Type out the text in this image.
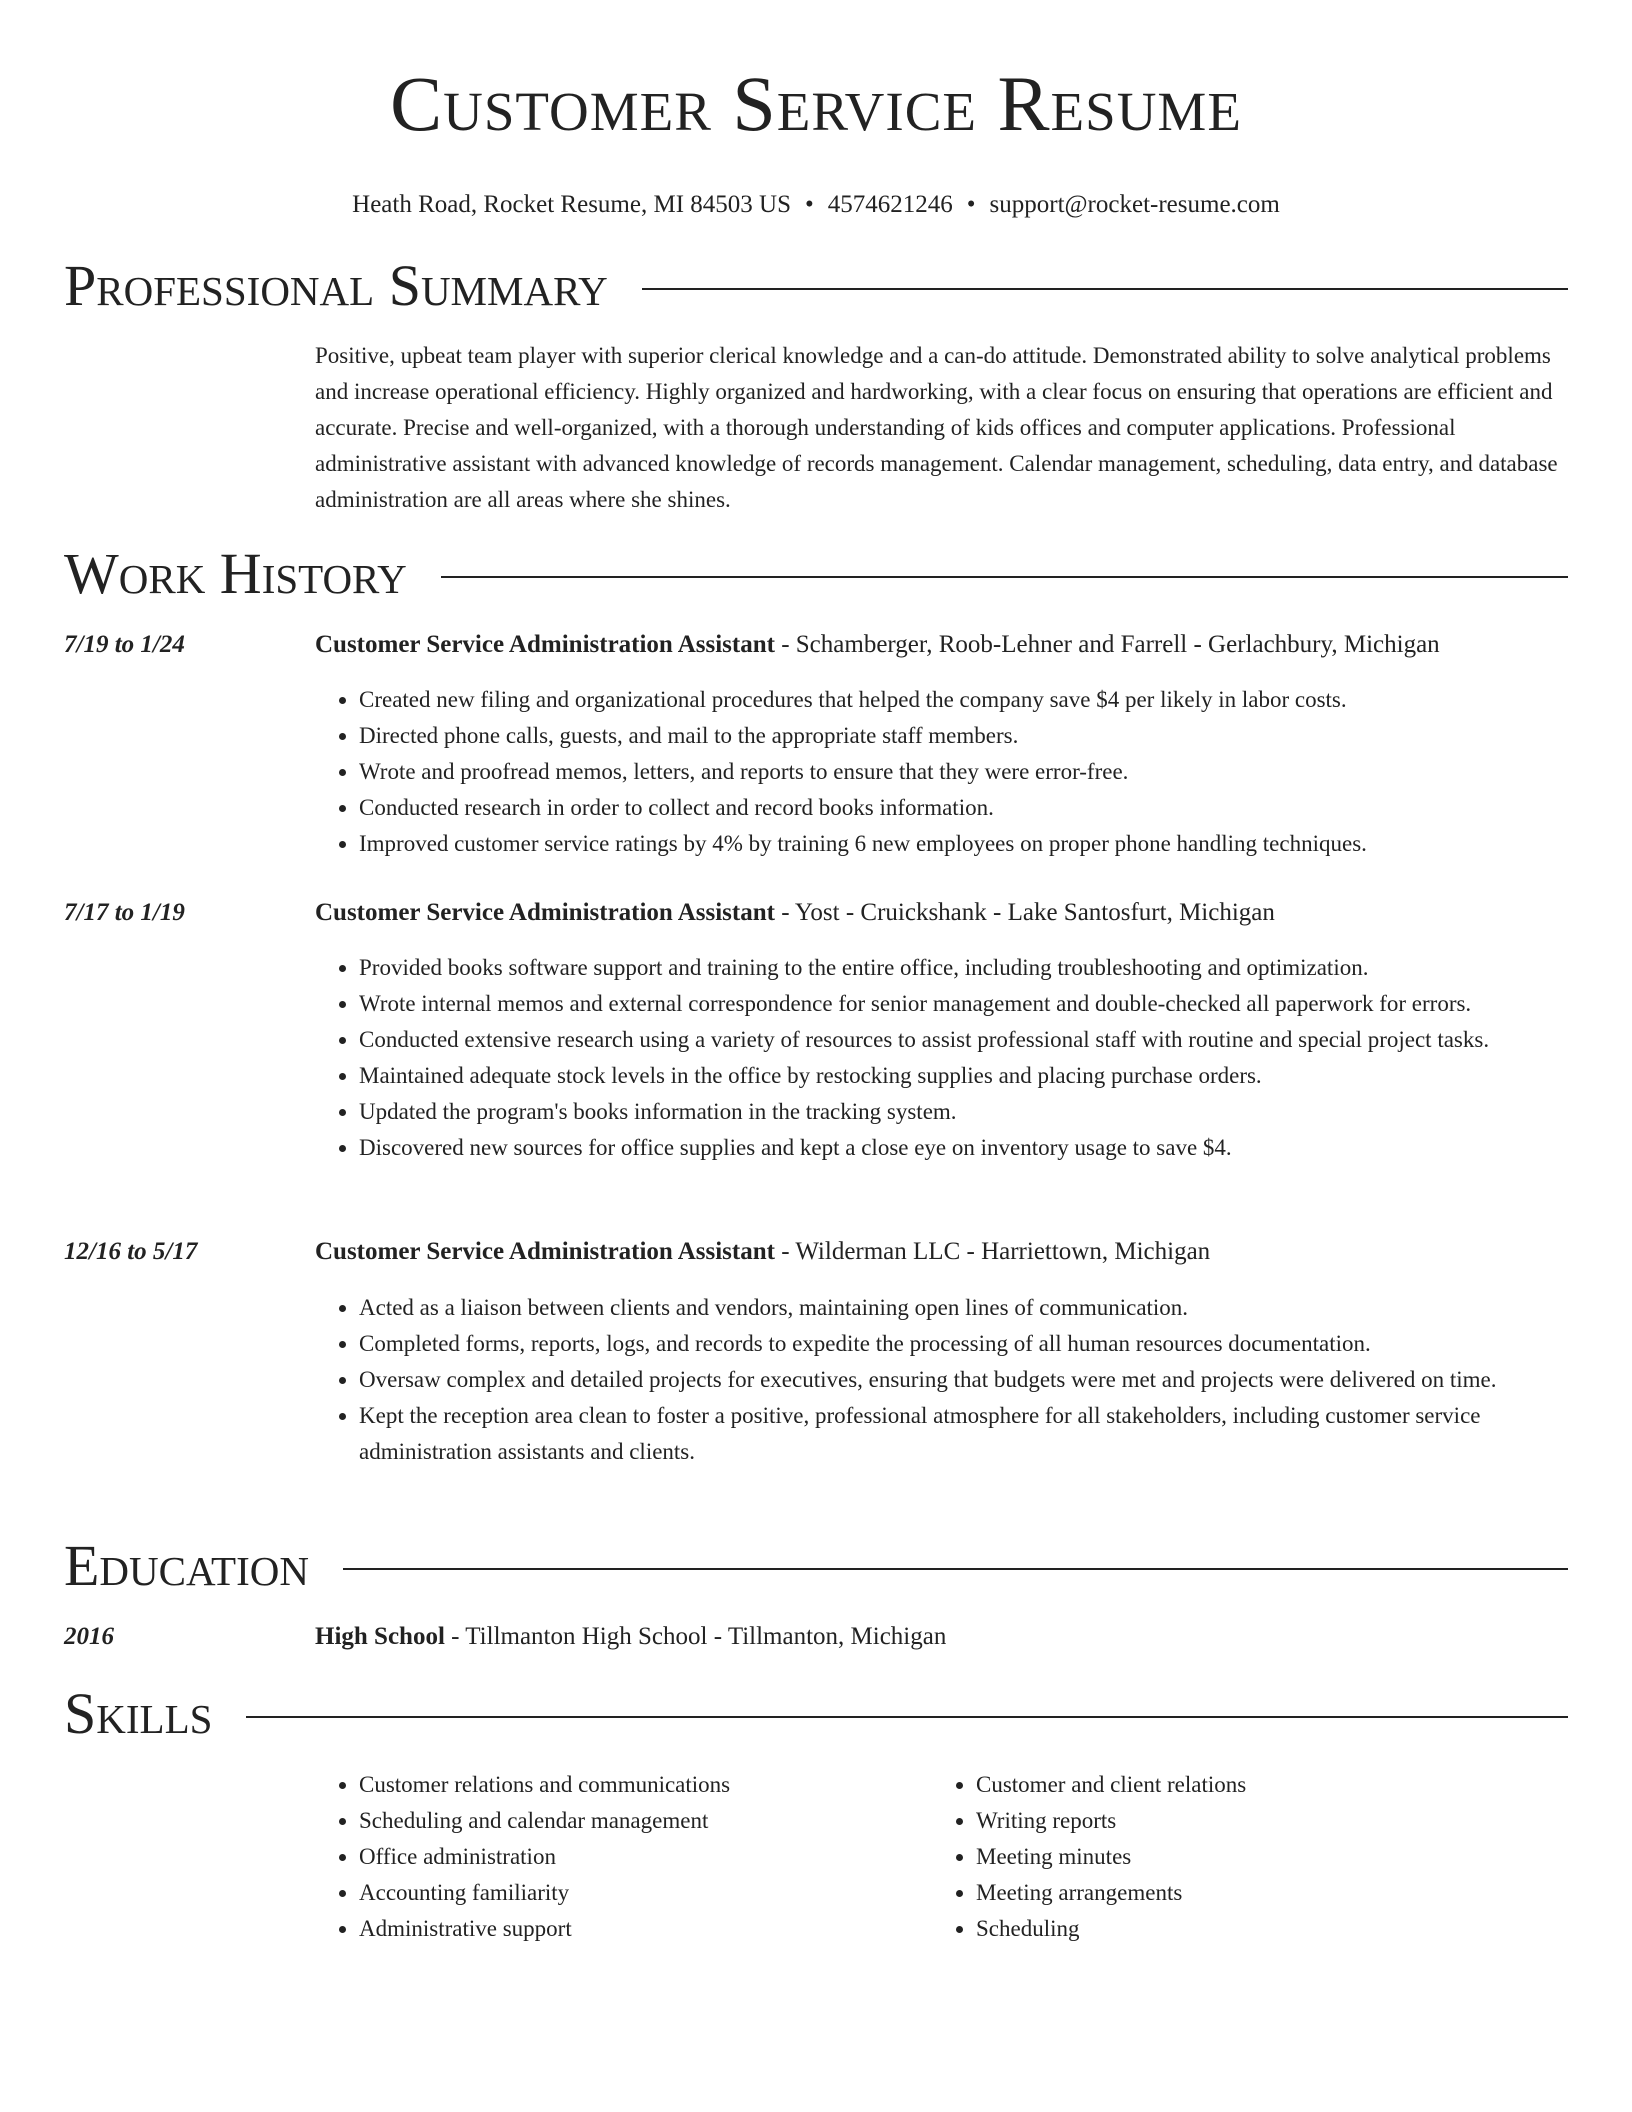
Customer Service Resume
Heath Road, Rocket Resume, MI 84503 US • 4574621246 • support@rocket-resume.com
Professional Summary
Positive, upbeat team player with superior clerical knowledge and a can-do attitude. Demonstrated ability to solve analytical problems and increase operational efficiency. Highly organized and hardworking, with a clear focus on ensuring that operations are efficient and accurate. Precise and well-organized, with a thorough understanding of kids offices and computer applications. Professional administrative assistant with advanced knowledge of records management. Calendar management, scheduling, data entry, and database administration are all areas where she shines.
Work History
7/19 to 1/24	Customer Service Administration Assistant - Schamberger, Roob-Lehner and Farrell - Gerlachbury, Michigan
• Created new filing and organizational procedures that helped the company save $4 per likely in labor costs.
• Directed phone calls, guests, and mail to the appropriate staff members.
• Wrote and proofread memos, letters, and reports to ensure that they were error-free.
• Conducted research in order to collect and record books information.
• Improved customer service ratings by 4% by training 6 new employees on proper phone handling techniques.
7/17 to 1/19	Customer Service Administration Assistant - Yost - Cruickshank - Lake Santosfurt, Michigan
• Provided books software support and training to the entire office, including troubleshooting and optimization.
• Wrote internal memos and external correspondence for senior management and double-checked all paperwork for errors.
• Conducted extensive research using a variety of resources to assist professional staff with routine and special project tasks.
• Maintained adequate stock levels in the office by restocking supplies and placing purchase orders.
• Updated the program's books information in the tracking system.
• Discovered new sources for office supplies and kept a close eye on inventory usage to save $4.
12/16 to 5/17	Customer Service Administration Assistant - Wilderman LLC - Harriettown, Michigan
• Acted as a liaison between clients and vendors, maintaining open lines of communication.
• Completed forms, reports, logs, and records to expedite the processing of all human resources documentation.
• Oversaw complex and detailed projects for executives, ensuring that budgets were met and projects were delivered on time.
• Kept the reception area clean to foster a positive, professional atmosphere for all stakeholders, including customer service administration assistants and clients.
Education
2016	High School - Tillmanton High School - Tillmanton, Michigan
Skills
• Customer relations and communications
• Scheduling and calendar management
• Office administration
• Accounting familiarity
• Administrative support
• Customer and client relations
• Writing reports
• Meeting minutes
• Meeting arrangements
• Scheduling
